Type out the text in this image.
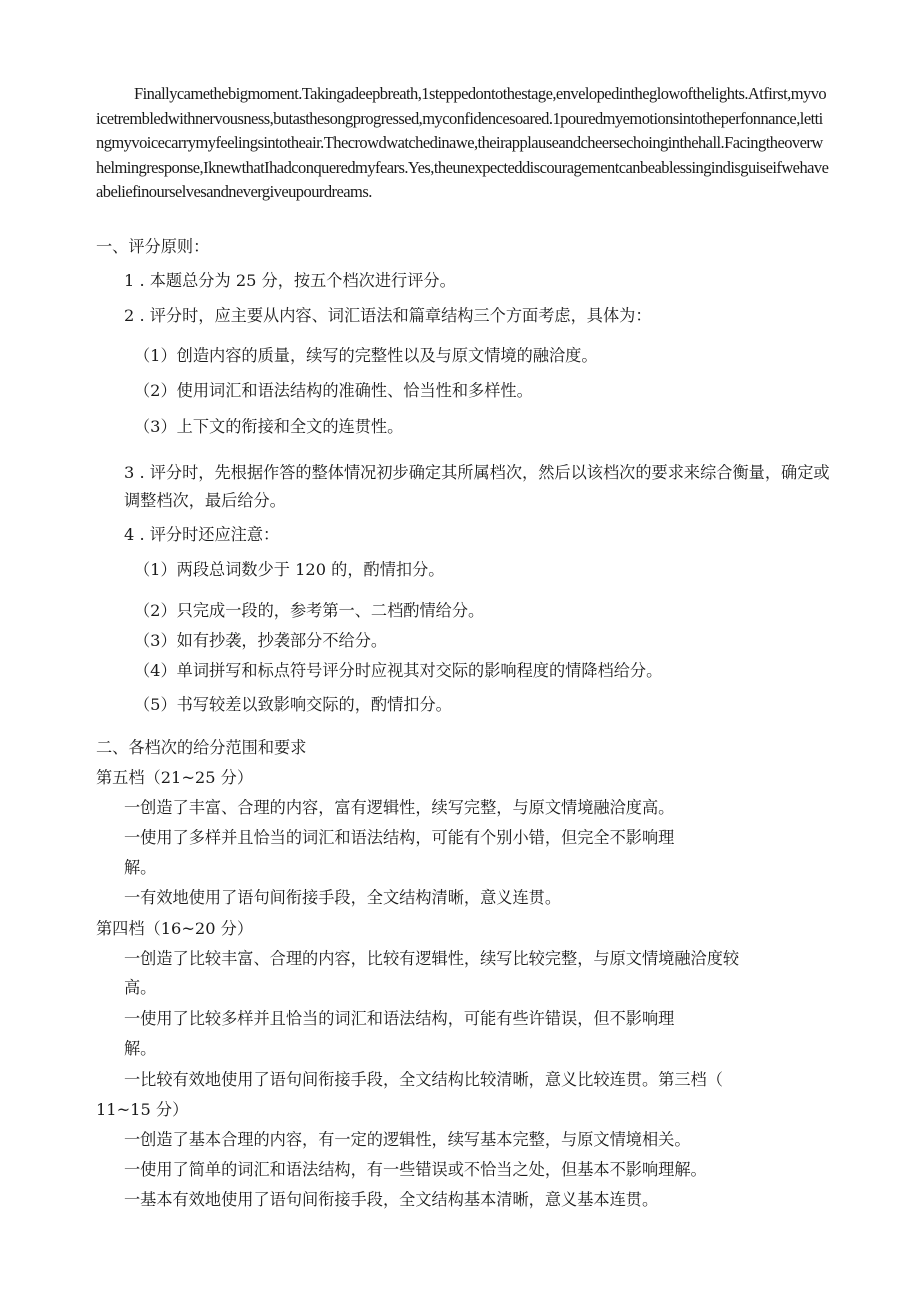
Finallycamethebigmoment.Takingadeepbreath,1steppedontothestage,envelopedintheglowofthelights.Atfirst,myvoicetrembledwithnervousness,butasthesongprogressed,myconfidencesoared.1pouredmyemotionsintotheperfonnance,lettingmyvoicecarrymyfeelingsintotheair.Thecrowdwatchedinawe,theirapplauseandcheersechoinginthehall.Facingtheoverwhelmingresponse,IknewthatIhadconqueredmyfears.Yes,theunexpecteddiscouragementcanbeablessingindisguiseifwehaveabeliefinourselvesandnevergiveupourdreams.

一、评分原则：

1 . 本题总分为 25 分，按五个档次进行评分。

2 . 评分时，应主要从内容、词汇语法和篇章结构三个方面考虑，具体为：

（1）创造内容的质量，续写的完整性以及与原文情境的融洽度。

（2）使用词汇和语法结构的准确性、恰当性和多样性。

（3）上下文的衔接和全文的连贯性。

3 . 评分时，先根据作答的整体情况初步确定其所属档次，然后以该档次的要求来综合衡量，确定或调整档次，最后给分。

4 . 评分时还应注意：

（1）两段总词数少于 120 的，酌情扣分。

（2）只完成一段的，参考第一、二档酌情给分。

（3）如有抄袭，抄袭部分不给分。

（4）单词拼写和标点符号评分时应视其对交际的影响程度的情降档给分。

（5）书写较差以致影响交际的，酌情扣分。

二、各档次的给分范围和要求

第五档（21~25 分）

一创造了丰富、合理的内容，富有逻辑性，续写完整，与原文情境融洽度高。

一使用了多样并且恰当的词汇和语法结构，可能有个别小错，但完全不影响理

解。

一有效地使用了语句间衔接手段，全文结构清晰，意义连贯。

第四档（16~20 分）

一创造了比较丰富、合理的内容，比较有逻辑性，续写比较完整，与原文情境融洽度较

高。

一使用了比较多样并且恰当的词汇和语法结构，可能有些许错误，但不影响理

解。

一比较有效地使用了语句间衔接手段，全文结构比较清晰，意义比较连贯。第三档（

11~15 分）

一创造了基本合理的内容，有一定的逻辑性，续写基本完整，与原文情境相关。

一使用了简单的词汇和语法结构，有一些错误或不恰当之处，但基本不影响理解。

一基本有效地使用了语句间衔接手段，全文结构基本清晰，意义基本连贯。
